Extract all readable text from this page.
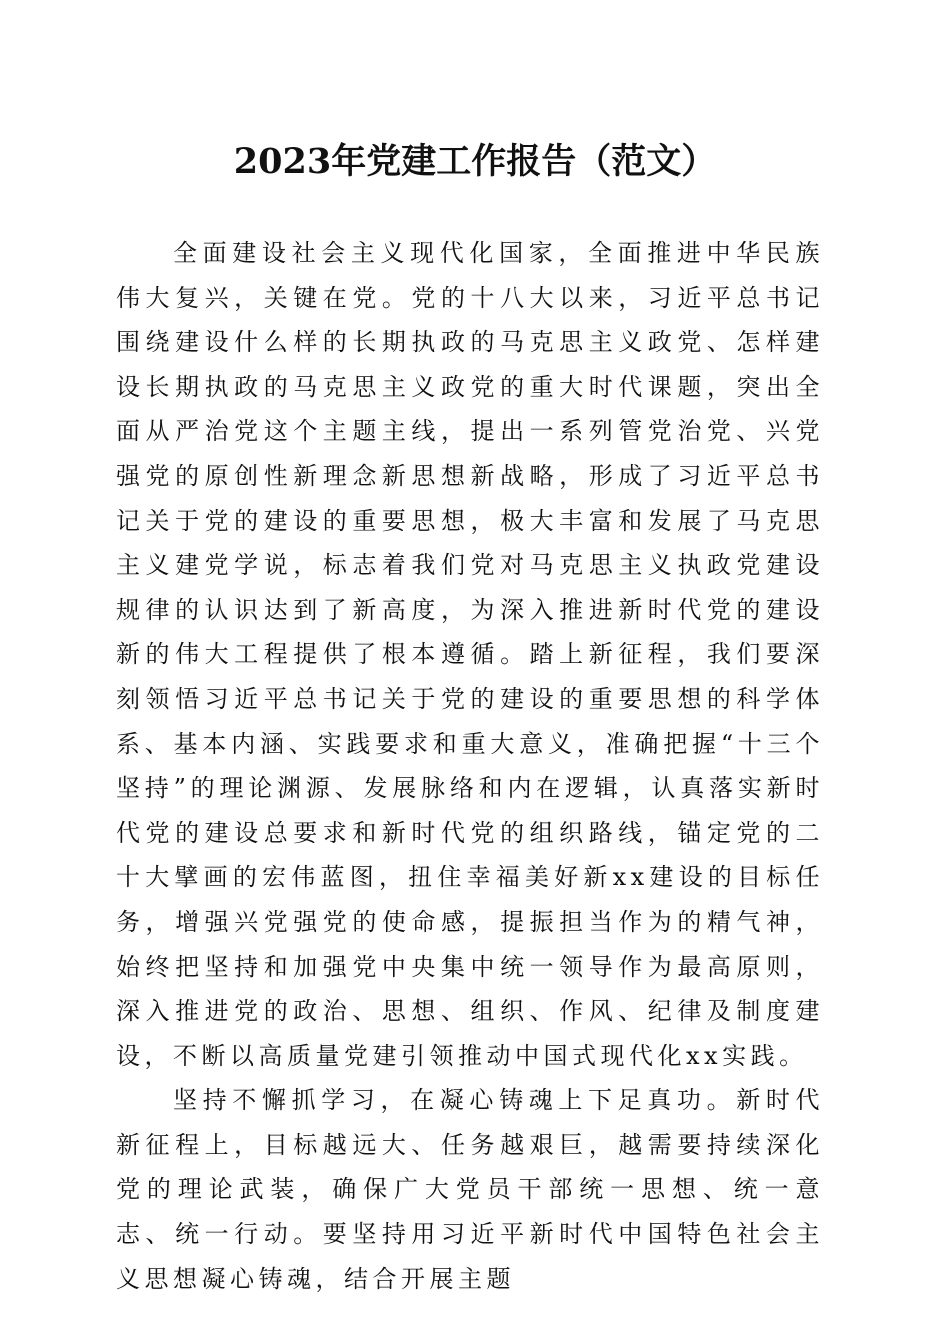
2023年党建工作报告（范文）

全面建设社会主义现代化国家，全面推进中华民族伟大复兴，关键在党。党的十八大以来，习近平总书记围绕建设什么样的长期执政的马克思主义政党、怎样建设长期执政的马克思主义政党的重大时代课题，突出全面从严治党这个主题主线，提出一系列管党治党、兴党强党的原创性新理念新思想新战略，形成了习近平总书记关于党的建设的重要思想，极大丰富和发展了马克思主义建党学说，标志着我们党对马克思主义执政党建设规律的认识达到了新高度，为深入推进新时代党的建设新的伟大工程提供了根本遵循。踏上新征程，我们要深刻领悟习近平总书记关于党的建设的重要思想的科学体系、基本内涵、实践要求和重大意义，准确把握“十三个坚持”的理论渊源、发展脉络和内在逻辑，认真落实新时代党的建设总要求和新时代党的组织路线，锚定党的二十大擘画的宏伟蓝图，扭住幸福美好新xx建设的目标任务，增强兴党强党的使命感，提振担当作为的精气神，始终把坚持和加强党中央集中统一领导作为最高原则，深入推进党的政治、思想、组织、作风、纪律及制度建设，不断以高质量党建引领推动中国式现代化xx实践。

坚持不懈抓学习，在凝心铸魂上下足真功。新时代新征程上，目标越远大、任务越艰巨，越需要持续深化党的理论武装，确保广大党员干部统一思想、统一意志、统一行动。要坚持用习近平新时代中国特色社会主义思想凝心铸魂，结合开展主题
